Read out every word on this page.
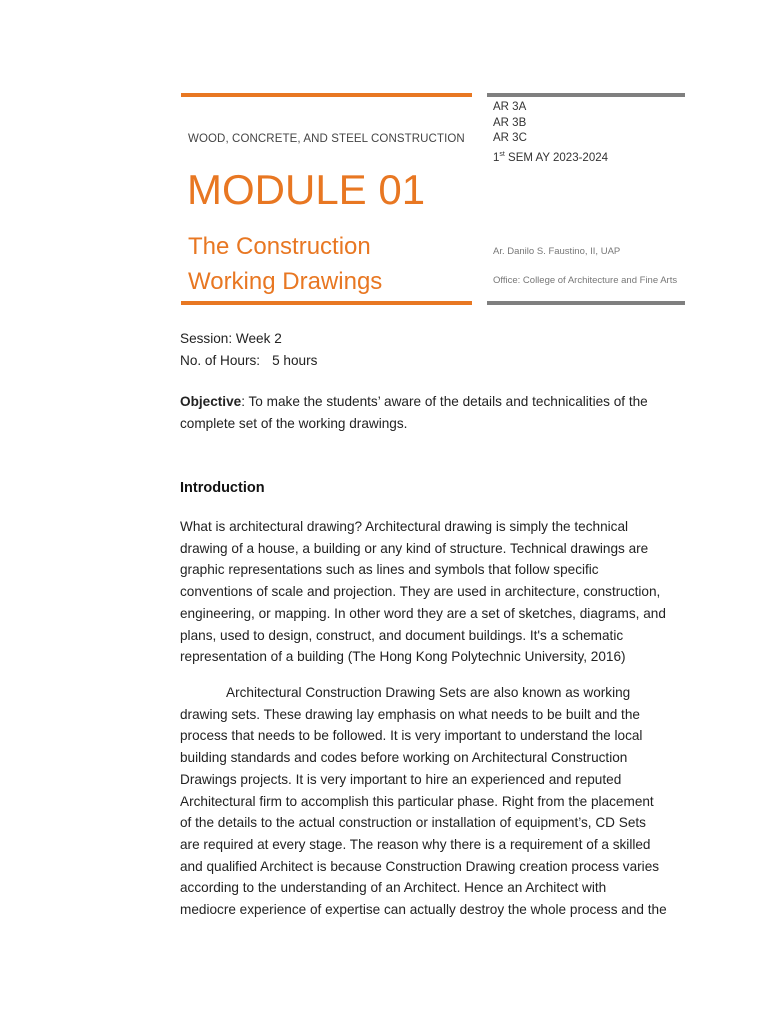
WOOD, CONCRETE, AND STEEL CONSTRUCTION
MODULE 01
The Construction
Working Drawings
AR 3A
AR 3B
AR 3C
1st SEM AY 2023-2024
Ar. Danilo S. Faustino, II, UAP
Office: College of Architecture and Fine Arts
Session: Week 2
No. of Hours: 5 hours
Objective: To make the students’ aware of the details and technicalities of the
complete set of the working drawings.
Introduction
What is architectural drawing? Architectural drawing is simply the technical
drawing of a house, a building or any kind of structure. Technical drawings are
graphic representations such as lines and symbols that follow specific
conventions of scale and projection. They are used in architecture, construction,
engineering, or mapping. In other word they are a set of sketches, diagrams, and
plans, used to design, construct, and document buildings. It's a schematic
representation of a building (The Hong Kong Polytechnic University, 2016)
Architectural Construction Drawing Sets are also known as working
drawing sets. These drawing lay emphasis on what needs to be built and the
process that needs to be followed. It is very important to understand the local
building standards and codes before working on Architectural Construction
Drawings projects. It is very important to hire an experienced and reputed
Architectural firm to accomplish this particular phase. Right from the placement
of the details to the actual construction or installation of equipment’s, CD Sets
are required at every stage. The reason why there is a requirement of a skilled
and qualified Architect is because Construction Drawing creation process varies
according to the understanding of an Architect. Hence an Architect with
mediocre experience of expertise can actually destroy the whole process and the
